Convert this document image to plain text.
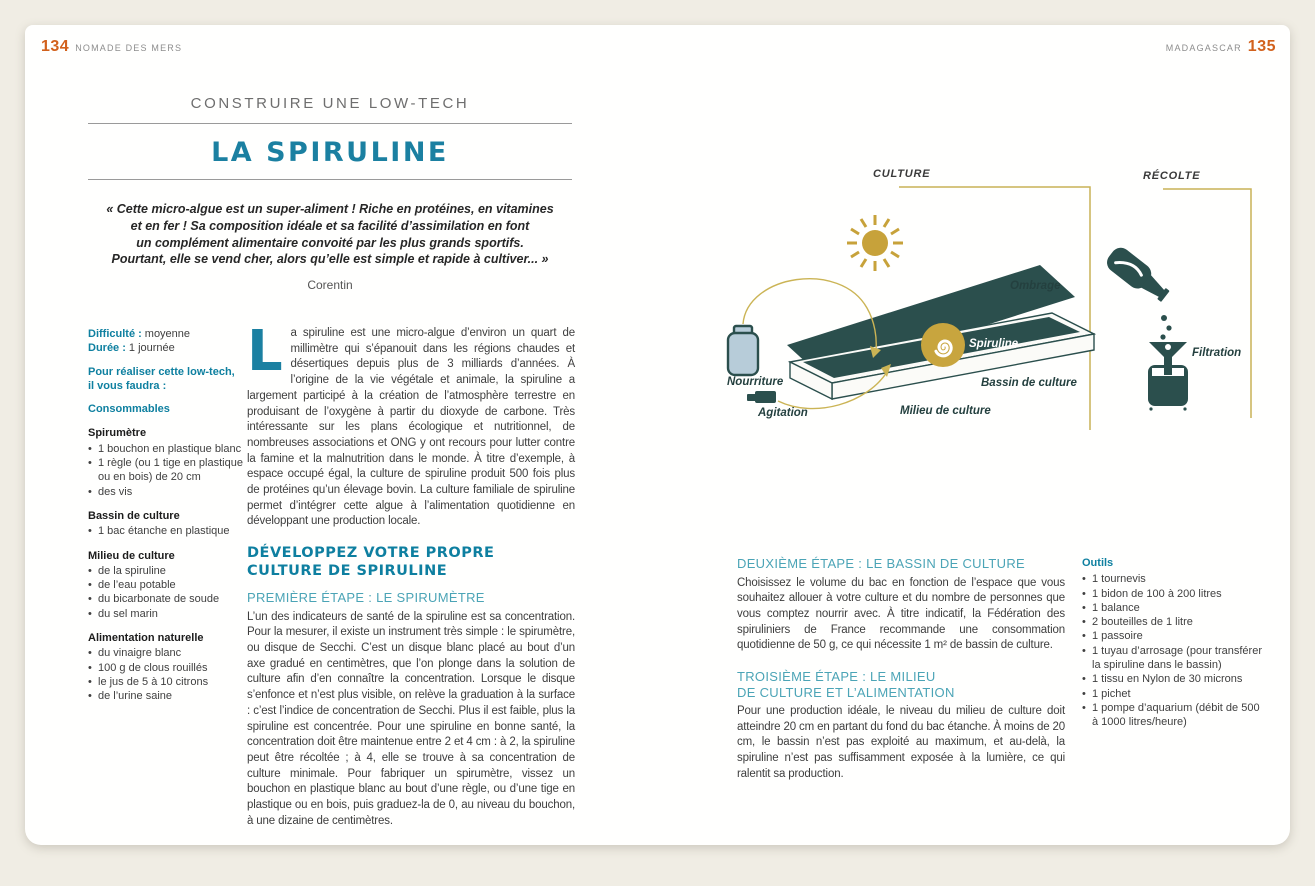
134 NOMADE DES MERS	MADAGASCAR 135
CONSTRUIRE UNE LOW-TECH
LA SPIRULINE
« Cette micro-algue est un super-aliment ! Riche en protéines, en vitamines
et en fer ! Sa composition idéale et sa facilité d’assimilation en font
un complément alimentaire convoité par les plus grands sportifs.
Pourtant, elle se vend cher, alors qu’elle est simple et rapide à cultiver... »
Corentin
Difficulté : moyenne
Durée : 1 journée
Pour réaliser cette low-tech,
il vous faudra :
Consommables
Spirumètre
• 1 bouchon en plastique blanc
• 1 règle (ou 1 tige en plastique ou en bois) de 20 cm
• des vis
Bassin de culture
• 1 bac étanche en plastique
Milieu de culture
• de la spiruline
• de l’eau potable
• du bicarbonate de soude
• du sel marin
Alimentation naturelle
• du vinaigre blanc
• 100 g de clous rouillés
• le jus de 5 à 10 citrons
• de l’urine saine

La spiruline est une micro-algue d’environ un quart de millimètre qui s’épanouit dans les régions chaudes et désertiques depuis plus de 3 milliards d’années. À l’origine de la vie végétale et animale, la spiruline a largement participé à la création de l’atmosphère terrestre en produisant de l’oxygène à partir du dioxyde de carbone. Très intéressante sur les plans écologique et nutritionnel, de nombreuses associations et ONG y ont recours pour lutter contre la famine et la malnutrition dans le monde. À titre d’exemple, à espace occupé égal, la culture de spiruline produit 500 fois plus de protéines qu’un élevage bovin. La culture familiale de spiruline permet d’intégrer cette algue à l’alimentation quotidienne en développant une production locale.

DÉVELOPPEZ VOTRE PROPRE
CULTURE DE SPIRULINE
PREMIÈRE ÉTAPE : LE SPIRUMÈTRE

L’un des indicateurs de santé de la spiruline est sa concentration. Pour la mesurer, il existe un instrument très simple : le spirumètre, ou disque de Secchi. C’est un disque blanc placé au bout d’un axe gradué en centimètres, que l’on plonge dans la solution de culture afin d’en connaître la concentration. Lorsque le disque s’enfonce et n’est plus visible, on relève la graduation à la surface : c’est l’indice de concentration de Secchi. Plus il est faible, plus la spiruline est concentrée. Pour une spiruline en bonne santé, la concentration doit être maintenue entre 2 et 4 cm : à 2, la spiruline peut être récoltée ; à 4, elle se trouve à sa concentration de culture minimale. Pour fabriquer un spirumètre, vissez un bouchon en plastique blanc au bout d’une règle, ou d’une tige en plastique ou en bois, puis graduez-la de 0, au niveau du bouchon, à une dizaine de centimètres.

CULTURE	RÉCOLTE
Ombrage
Spiruline
Bassin de culture
Milieu de culture
Nourriture
Agitation
Filtration
DEUXIÈME ÉTAPE : LE BASSIN DE CULTURE

Choisissez le volume du bac en fonction de l’espace que vous souhaitez allouer à votre culture et du nombre de personnes que vous comptez nourrir avec. À titre indicatif, la Fédération des spiruliniers de France recommande une consommation quotidienne de 50 g, ce qui nécessite 1 m² de bassin de culture.

TROISIÈME ÉTAPE : LE MILIEU
DE CULTURE ET L’ALIMENTATION

Pour une production idéale, le niveau du milieu de culture doit atteindre 20 cm en partant du fond du bac étanche. À moins de 20 cm, le bassin n’est pas exploité au maximum, et au-delà, la spiruline n’est pas suffisamment exposée à la lumière, ce qui ralentit sa production.

Outils
• 1 tournevis
• 1 bidon de 100 à 200 litres
• 1 balance
• 2 bouteilles de 1 litre
• 1 passoire
• 1 tuyau d’arrosage (pour transférer la spiruline dans le bassin)
• 1 tissu en Nylon de 30 microns
• 1 pichet
• 1 pompe d’aquarium (débit de 500 à 1000 litres/heure)
